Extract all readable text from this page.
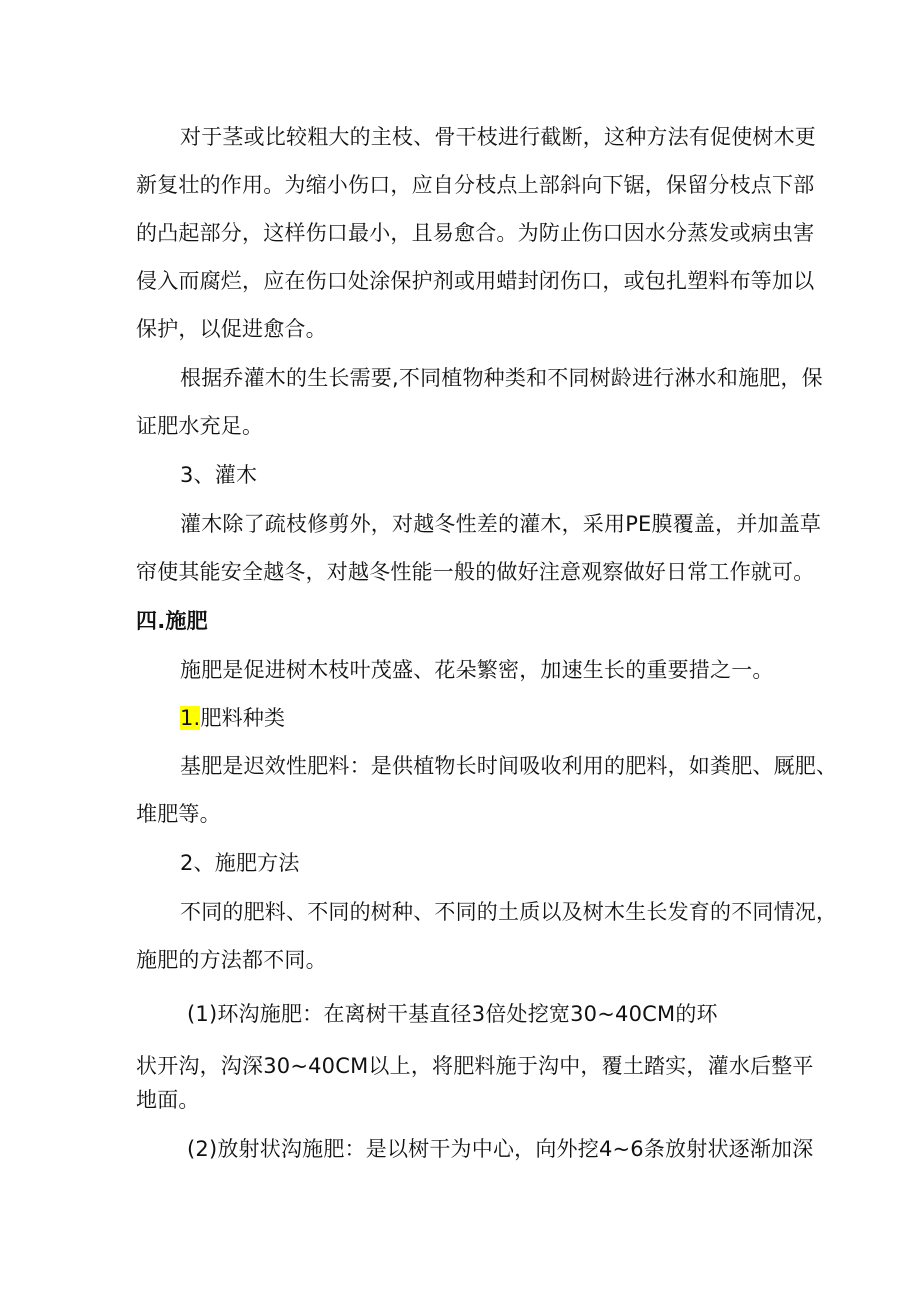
对于茎或比较粗大的主枝、骨干枝进行截断，这种方法有促使树木更
新复壮的作用。为缩小伤口，应自分枝点上部斜向下锯，保留分枝点下部
的凸起部分，这样伤口最小，且易愈合。为防止伤口因水分蒸发或病虫害
侵入而腐烂，应在伤口处涂保护剂或用蜡封闭伤口，或包扎塑料布等加以
保护，以促进愈合。
根据乔灌木的生长需要,不同植物种类和不同树龄进行淋水和施肥，保
证肥水充足。
3、灌木
灌木除了疏枝修剪外，对越冬性差的灌木，采用PE膜覆盖，并加盖草
帘使其能安全越冬，对越冬性能一般的做好注意观察做好日常工作就可。
四.施肥
施肥是促进树木枝叶茂盛、花朵繁密，加速生长的重要措之一。
1.肥料种类
基肥是迟效性肥料：是供植物长时间吸收利用的肥料，如粪肥、厩肥、
堆肥等。
2、施肥方法
不同的肥料、不同的树种、不同的土质以及树木生长发育的不同情况，
施肥的方法都不同。
(1)环沟施肥：在离树干基直径3倍处挖宽30~40CM的环
状开沟，沟深30~40CM以上，将肥料施于沟中，覆土踏实，灌水后整平
地面。
(2)放射状沟施肥：是以树干为中心，向外挖4~6条放射状逐渐加深
